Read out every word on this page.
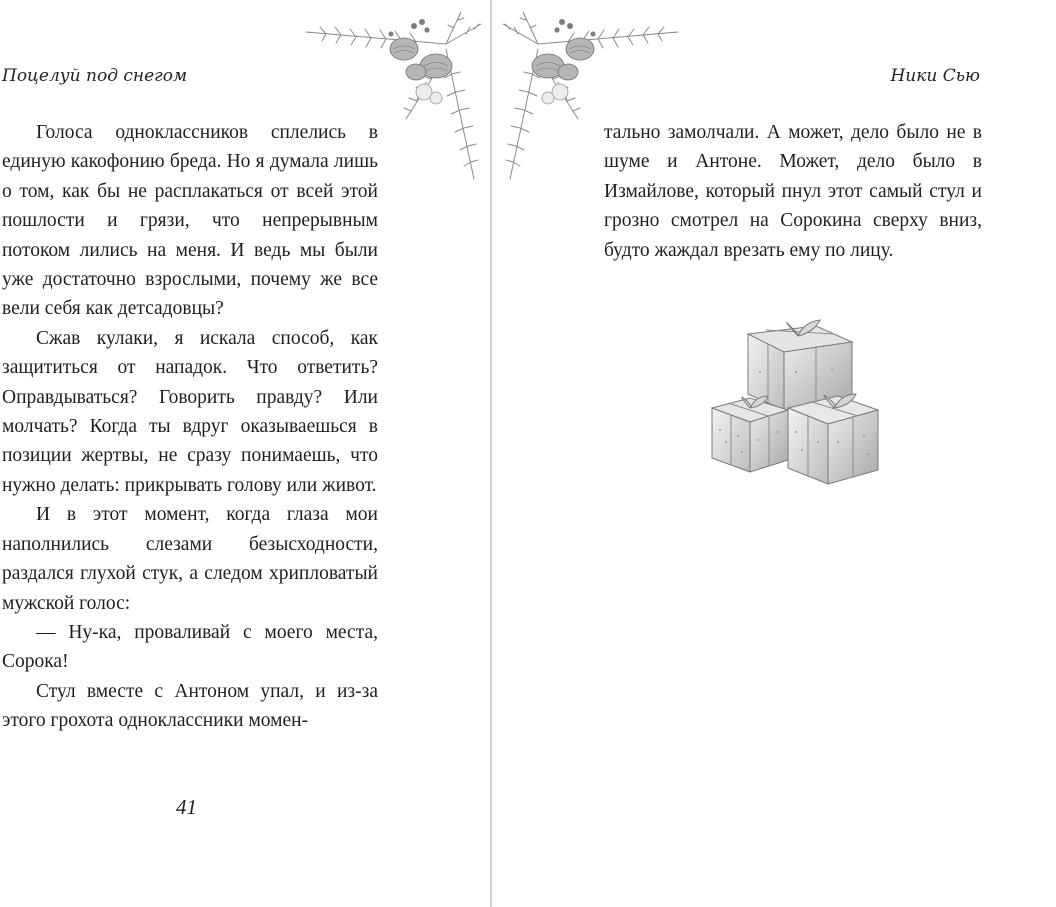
Поцелуй под снегом

Голоса одноклассников сплелись в единую какофонию бреда. Но я думала лишь о том, как бы не расплакаться от всей этой пошлости и грязи, что непрерывным потоком лились на меня. И ведь мы были уже достаточно взрослыми, почему же все вели себя как детсадовцы?

Сжав кулаки, я искала способ, как защититься от нападок. Что ответить? Оправдываться? Говорить правду? Или молчать? Когда ты вдруг оказываешься в позиции жертвы, не сразу понимаешь, что нужно делать: прикрывать голову или живот.

И в этот момент, когда глаза мои наполнились слезами безысходности, раздался глухой стук, а следом хрипловатый мужской голос:

— Ну-ка, проваливай с моего места, Сорока!

Стул вместе с Антоном упал, и из-за этого грохота одноклассники момен-

41
Ники Сью

тально замолчали. А может, дело было не в шуме и Антоне. Может, дело было в Измайлове, который пнул этот самый стул и грозно смотрел на Сорокина сверху вниз, будто жаждал врезать ему по лицу.
